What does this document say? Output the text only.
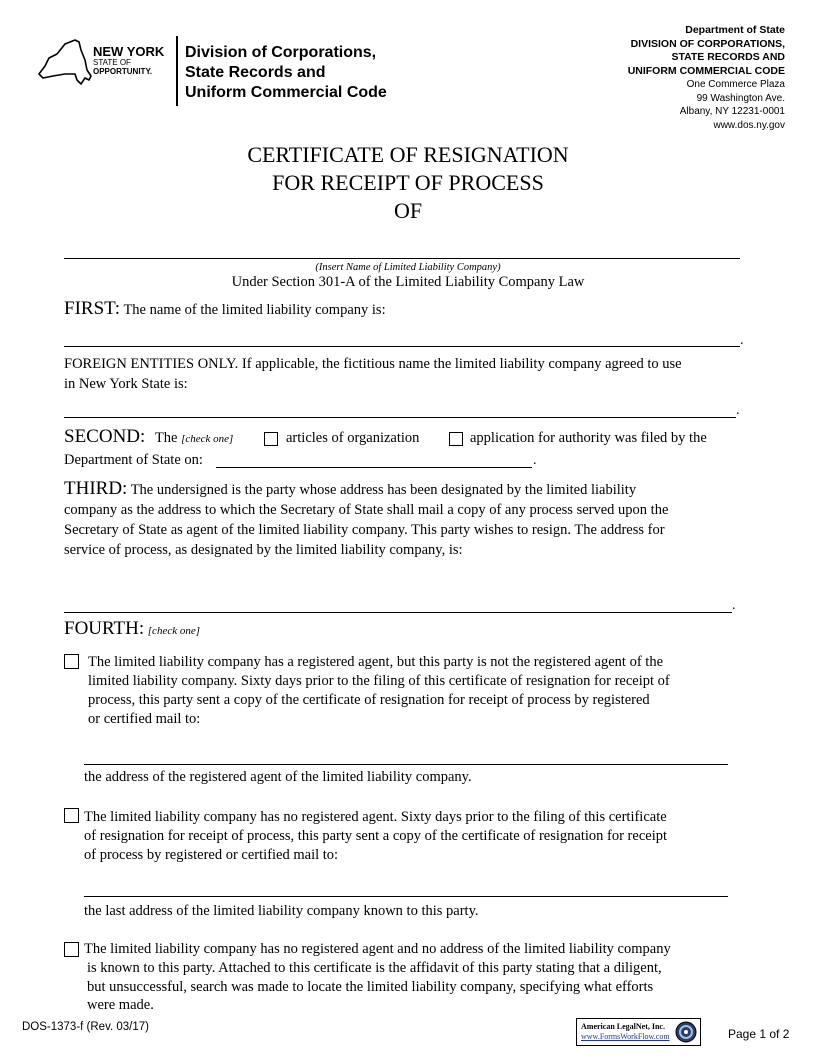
NEW YORK
STATE OF
OPPORTUNITY.
Division of Corporations,
State Records and
Uniform Commercial Code
Department of State
DIVISION OF CORPORATIONS,
STATE RECORDS AND
UNIFORM COMMERCIAL CODE
One Commerce Plaza
99 Washington Ave.
Albany, NY 12231-0001
www.dos.ny.gov
CERTIFICATE OF RESIGNATION
FOR RECEIPT OF PROCESS
OF
(Insert Name of Limited Liability Company)
Under Section 301-A of the Limited Liability Company Law
FIRST: The name of the limited liability company is:
.
FOREIGN ENTITIES ONLY. If applicable, the fictitious name the limited liability company agreed to use
in New York State is:
.
SECOND: The [check one]	articles of organization	application for authority was filed by the
Department of State on:	.
THIRD: The undersigned is the party whose address has been designated by the limited liability
company as the address to which the Secretary of State shall mail a copy of any process served upon the
Secretary of State as agent of the limited liability company. This party wishes to resign. The address for
service of process, as designated by the limited liability company, is:
.
FOURTH: [check one]
The limited liability company has a registered agent, but this party is not the registered agent of the
limited liability company. Sixty days prior to the filing of this certificate of resignation for receipt of
process, this party sent a copy of the certificate of resignation for receipt of process by registered
or certified mail to:
the address of the registered agent of the limited liability company.
The limited liability company has no registered agent. Sixty days prior to the filing of this certificate
of resignation for receipt of process, this party sent a copy of the certificate of resignation for receipt
of process by registered or certified mail to:
the last address of the limited liability company known to this party.
The limited liability company has no registered agent and no address of the limited liability company
is known to this party. Attached to this certificate is the affidavit of this party stating that a diligent,
but unsuccessful, search was made to locate the limited liability company, specifying what efforts
were made.
DOS-1373-f (Rev. 03/17)	American LegalNet, Inc.
www.FormsWorkFlow.com	Page 1 of 2
